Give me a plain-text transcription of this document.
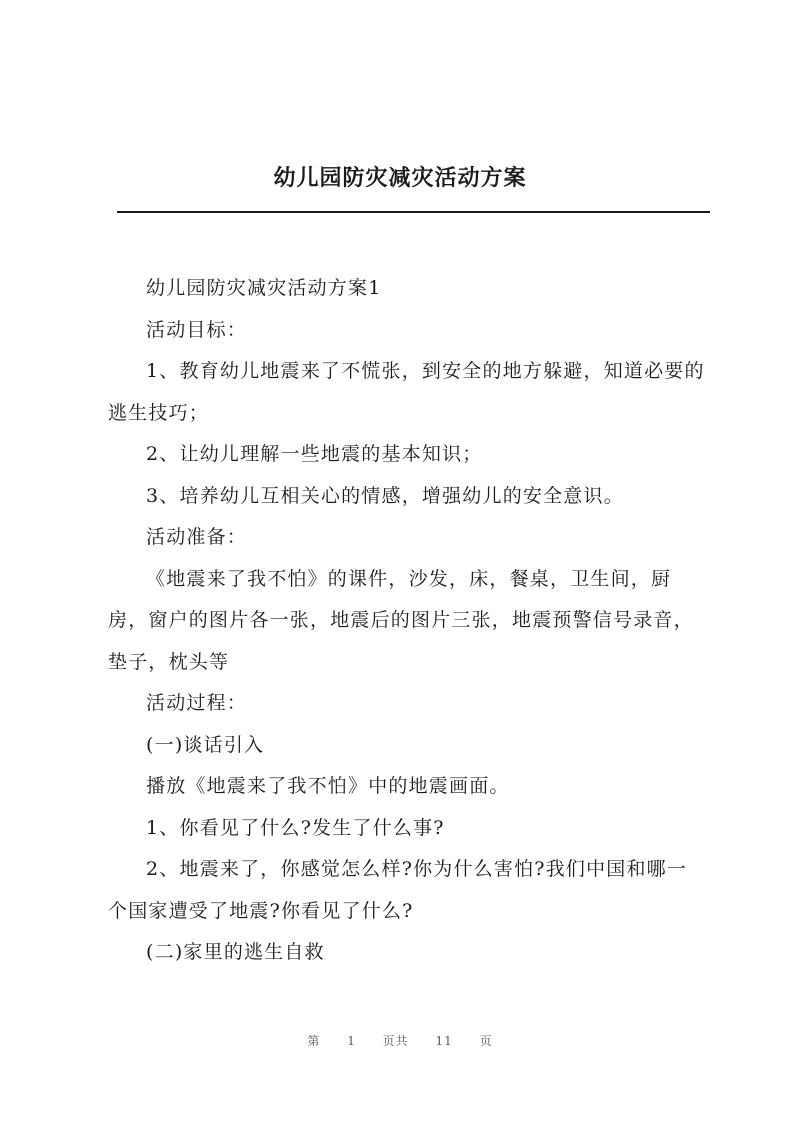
幼儿园防灾减灾活动方案

幼儿园防灾减灾活动方案1

活动目标：

1、教育幼儿地震来了不慌张，到安全的地方躲避，知道必要的逃生技巧；

2、让幼儿理解一些地震的基本知识；

3、培养幼儿互相关心的情感，增强幼儿的安全意识。

活动准备：

《地震来了我不怕》的课件，沙发，床，餐桌，卫生间，厨房，窗户的图片各一张，地震后的图片三张，地震预警信号录音，垫子，枕头等

活动过程：

(一)谈话引入

播放《地震来了我不怕》中的地震画面。

1、你看见了什么?发生了什么事?

2、地震来了，你感觉怎么样?你为什么害怕?我们中国和哪一个国家遭受了地震?你看见了什么?

(二)家里的逃生自救

第 1 页共 11 页
